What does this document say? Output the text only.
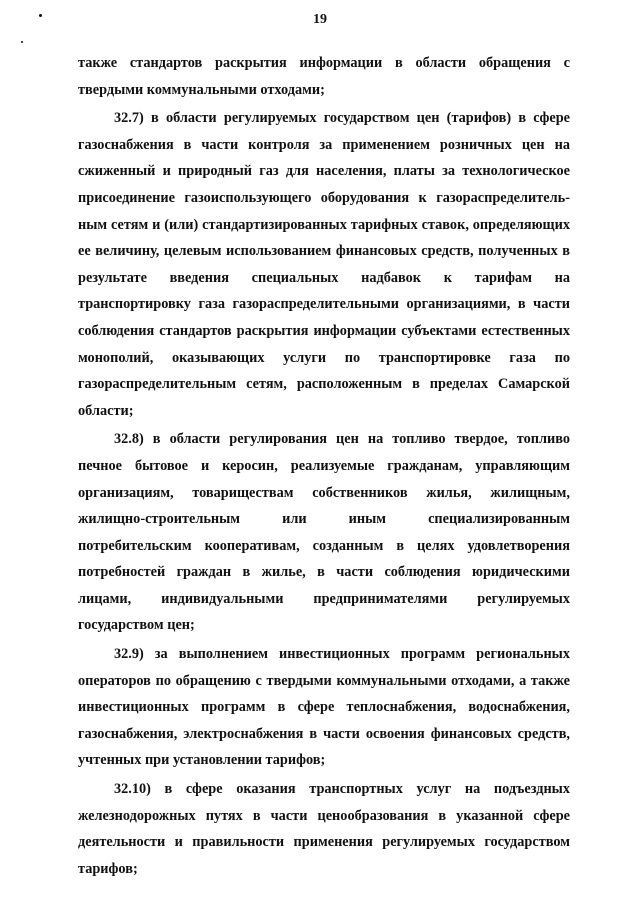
19

также стандартов раскрытия информации в области обращения с твердыми коммунальными отходами;

32.7) в области регулируемых государством цен (тарифов) в сфере газоснабжения в части контроля за применением розничных цен на сжиженный и природный газ для населения, платы за технологическое присоединение газоиспользующего оборудования к газораспределитель-ным сетям и (или) стандартизированных тарифных ставок, определяющих ее величину, целевым использованием финансовых средств, полученных в результате введения специальных надбавок к тарифам на транспортировку газа газораспределительными организациями, в части соблюдения стандартов раскрытия информации субъектами естественных монополий, оказывающих услуги по транспортировке газа по газораспределительным сетям, расположенным в пределах Самарской области;

32.8) в области регулирования цен на топливо твердое, топливо печное бытовое и керосин, реализуемые гражданам, управляющим организациям, товариществам собственников жилья, жилищным, жилищно-строительным или иным специализированным потребительским кооперативам, созданным в целях удовлетворения потребностей граждан в жилье, в части соблюдения юридическими лицами, индивидуальными предпринимателями регулируемых государством цен;

32.9) за выполнением инвестиционных программ региональных операторов по обращению с твердыми коммунальными отходами, а также инвестиционных программ в сфере теплоснабжения, водоснабжения, газоснабжения, электроснабжения в части освоения финансовых средств, учтенных при установлении тарифов;

32.10) в сфере оказания транспортных услуг на подъездных железнодорожных путях в части ценообразования в указанной сфере деятельности и правильности применения регулируемых государством тарифов;
